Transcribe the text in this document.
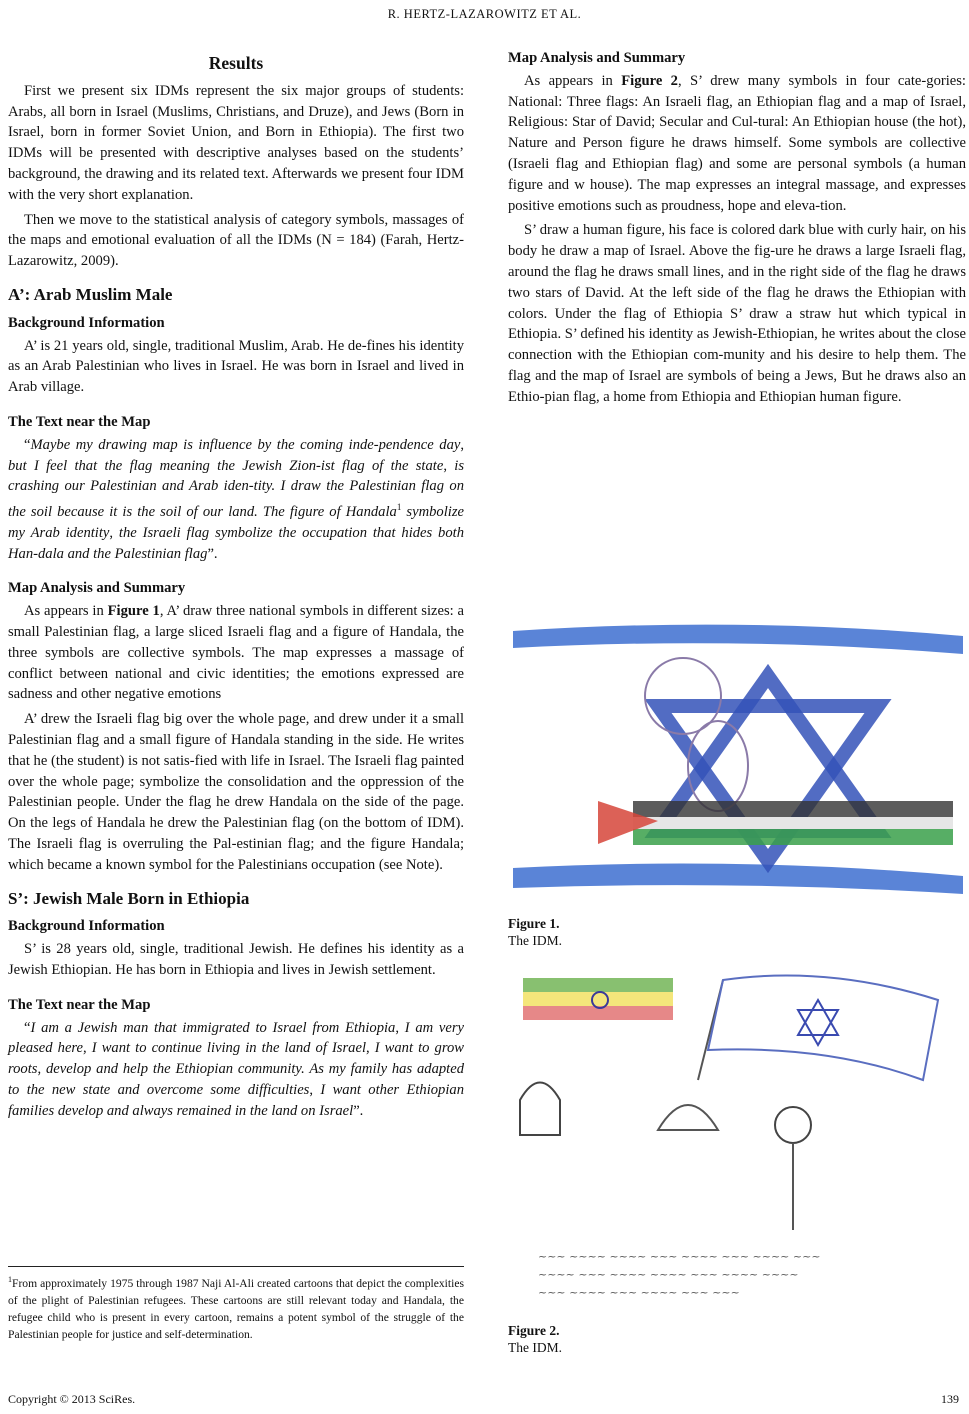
R. HERTZ-LAZAROWITZ ET AL.
Results

First we present six IDMs represent the six major groups of students: Arabs, all born in Israel (Muslims, Christians, and Druze), and Jews (Born in Israel, born in former Soviet Union, and Born in Ethiopia). The first two IDMs will be presented with descriptive analyses based on the students’ background, the drawing and its related text. Afterwards we present four IDM with the very short explanation.

Then we move to the statistical analysis of category symbols, massages of the maps and emotional evaluation of all the IDMs (N = 184) (Farah, Hertz-Lazarowitz, 2009).

A’: Arab Muslim Male
Background Information

A’ is 21 years old, single, traditional Muslim, Arab. He de-fines his identity as an Arab Palestinian who lives in Israel. He was born in Israel and lived in Arab village.

The Text near the Map

“Maybe my drawing map is influence by the coming inde-pendence day, but I feel that the flag meaning the Jewish Zion-ist flag of the state, is crashing our Palestinian and Arab iden-tity. I draw the Palestinian flag on the soil because it is the soil of our land. The figure of Handala$^1$ symbolize my Arab identity, the Israeli flag symbolize the occupation that hides both Han-dala and the Palestinian flag”.

Map Analysis and Summary

As appears in Figure 1, A’ draw three national symbols in different sizes: a small Palestinian flag, a large sliced Israeli flag and a figure of Handala, the three symbols are collective symbols. The map expresses a massage of conflict between national and civic identities; the emotions expressed are sadness and other negative emotions

A’ drew the Israeli flag big over the whole page, and drew under it a small Palestinian flag and a small figure of Handala standing in the side. He writes that he (the student) is not satis-fied with life in Israel. The Israeli flag painted over the whole page; symbolize the consolidation and the oppression of the Palestinian people. Under the flag he drew Handala on the side of the page. On the legs of Handala he drew the Palestinian flag (on the bottom of IDM). The Israeli flag is overruling the Pal-estinian flag; and the figure Handala; which became a known symbol for the Palestinians occupation (see Note).

S’: Jewish Male Born in Ethiopia
Background Information

S’ is 28 years old, single, traditional Jewish. He defines his identity as a Jewish Ethiopian. He has born in Ethiopia and lives in Jewish settlement.

The Text near the Map

“I am a Jewish man that immigrated to Israel from Ethiopia, I am very pleased here, I want to continue living in the land of Israel, I want to grow roots, develop and help the Ethiopian community. As my family has adapted to the new state and overcome some difficulties, I want other Ethiopian families develop and always remained in the land on Israel”.

$^1$From approximately 1975 through 1987 Naji Al-Ali created cartoons that depict the complexities of the plight of Palestinian refugees. These cartoons are still relevant today and Handala, the refugee child who is present in every cartoon, remains a potent symbol of the struggle of the Palestinian people for justice and self-determination.
Map Analysis and Summary

As appears in Figure 2, S’ drew many symbols in four cate-gories: National: Three flags: An Israeli flag, an Ethiopian flag and a map of Israel, Religious: Star of David; Secular and Cul-tural: An Ethiopian house (the hot), Nature and Person figure he draws himself. Some symbols are collective (Israeli flag and Ethiopian flag) and some are personal symbols (a human figure and w house). The map expresses an integral massage, and expresses positive emotions such as proudness, hope and eleva-tion.

S’ draw a human figure, his face is colored dark blue with curly hair, on his body he draw a map of Israel. Above the fig-ure he draws a large Israeli flag, around the flag he draws small lines, and in the right side of the flag he draws two stars of David. At the left side of the flag he draws the Ethiopian with colors. Under the flag of Ethiopia S’ draw a straw hut which typical in Ethiopia. S’ defined his identity as Jewish-Ethiopian, he writes about the close connection with the Ethiopian com-munity and his desire to help them. The flag and the map of Israel are symbols of being a Jews, But he draws also an Ethio-pian flag, a home from Ethiopia and Ethiopian human figure.

Figure 1.
The IDM.
~~~ ~~~~ ~~~~ ~~~ ~~~~ ~~~ ~~~~ ~~~
~~~~ ~~~ ~~~~ ~~~~ ~~~ ~~~~ ~~~~
~~~ ~~~~ ~~~ ~~~~ ~~~ ~~~
Figure 2.
The IDM.
Copyright © 2013 SciRes.	139
